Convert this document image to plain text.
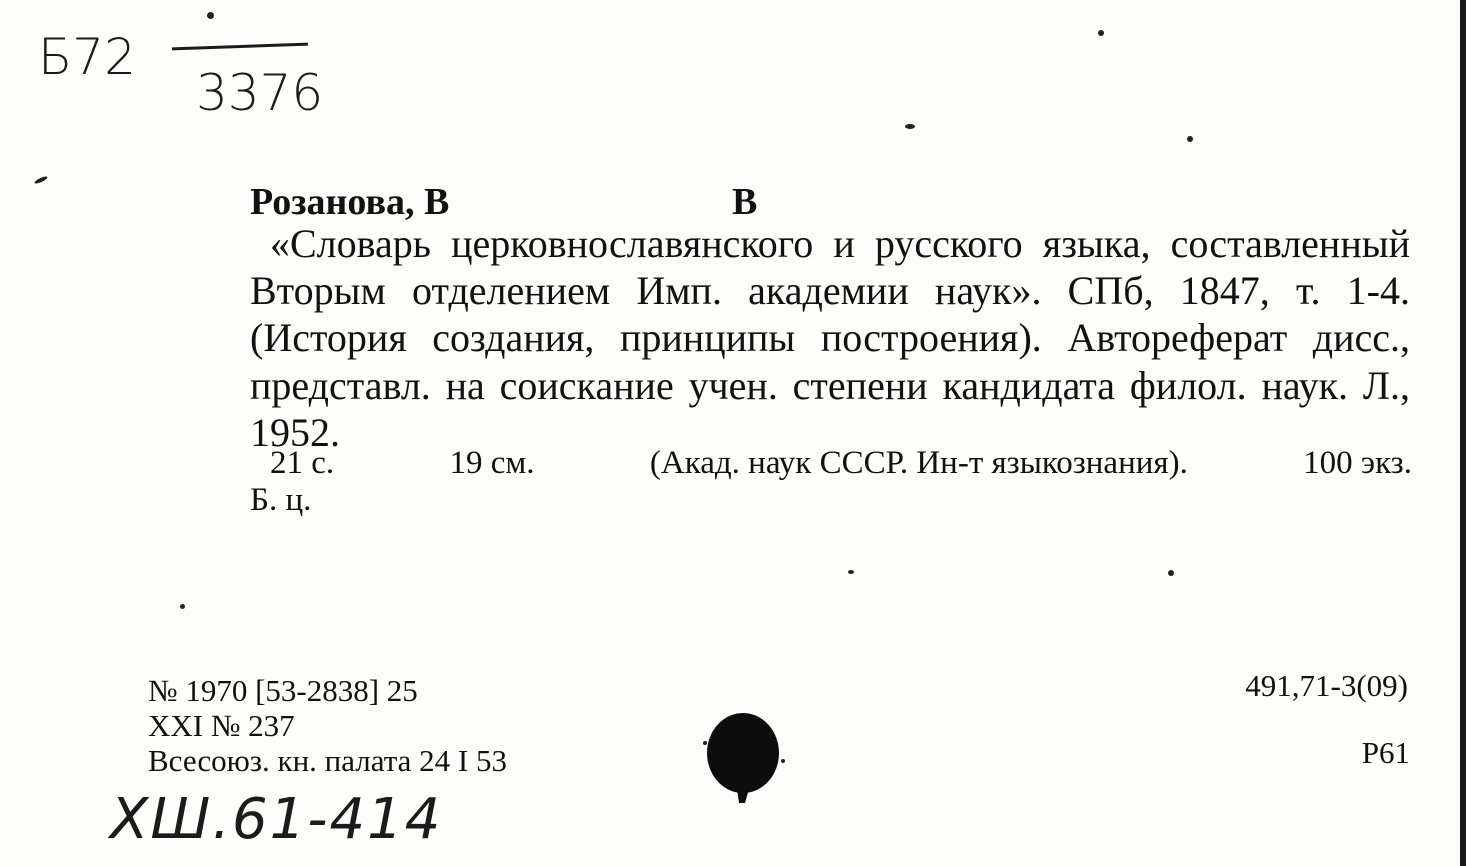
Б72
3376
Розанова, В	В
«Словарь церковнославянского и русского языка, составленный Вторым отделением Имп. академии наук». СПб, 1847, т. 1-4. (История создания, принципы построения). Автореферат дисс., представл. на соискание учен. степени кандидата филол. наук. Л., 1952.
21 с.	19 см.	(Акад. наук СССР. Ин-т языкознания).	100 экз.
Б. ц.
№ 1970 [53-2838] 25
XXI № 237
Всесоюз. кн. палата 24 I 53
491,71-3(09)
Р61
ХШ.61-414
